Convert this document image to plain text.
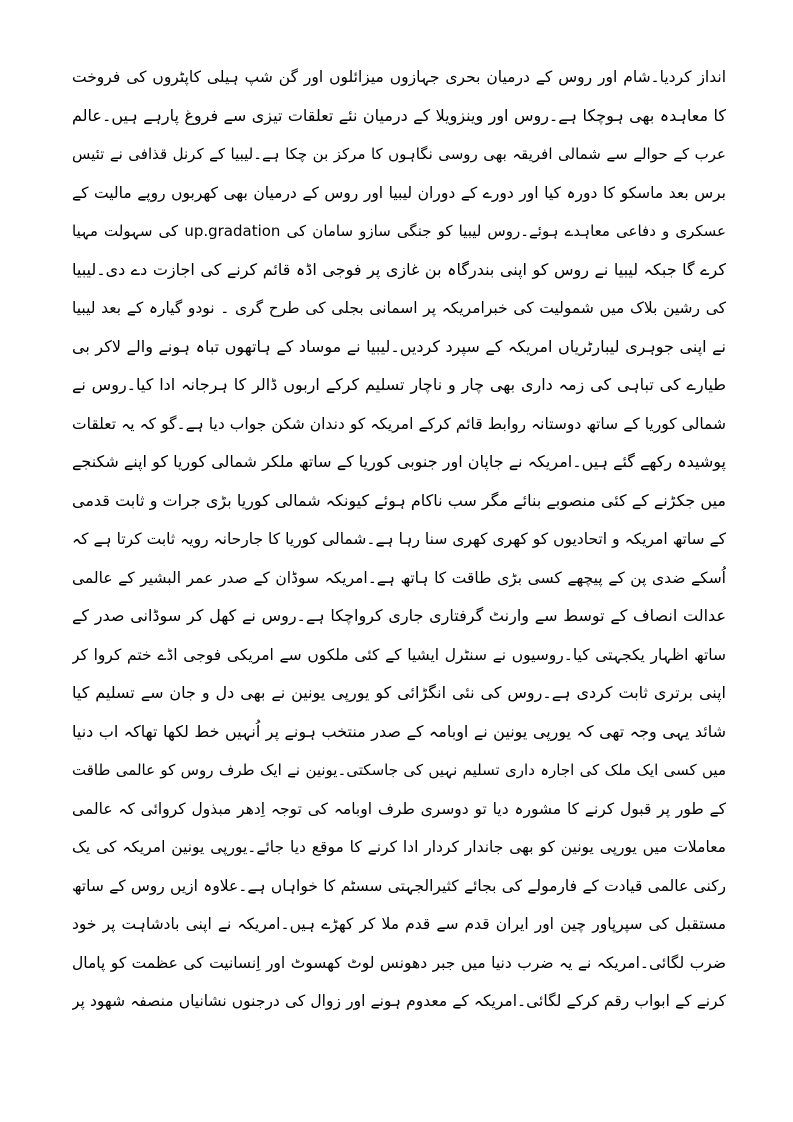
انداز کردیا۔شام اور روس کے درمیان بحری جہازوں میزائلوں اور گن شپ ہیلی کاپٹروں کی فروخت
کا معاہدہ بھی ہوچکا ہے۔روس اور وینزویلا کے درمیان نئے تعلقات تیزی سے فروغ پارہے ہیں۔عالم
عرب کے حوالے سے شمالی افریقہ بھی روسی نگاہوں کا مرکز بن چکا ہے۔لیبیا کے کرنل قذافی نے تئیس
برس بعد ماسکو کا دورہ کیا اور دورے کے دوران لیبیا اور روس کے درمیان بھی کھربوں روپے مالیت کے
عسکری و دفاعی معاہدے ہوئے۔روس لیبیا کو جنگی سازو سامان کی up.gradation کی سہولت مہیا
کرے گا جبکہ لیبیا نے روس کو اپنی بندرگاہ بن غازی پر فوجی اڈہ قائم کرنے کی اجازت دے دی۔لیبیا
کی رشین بلاک میں شمولیت کی خبرامریکہ پر اسمانی بجلی کی طرح گری ۔ نودو گیارہ کے بعد لیبیا
نے اپنی جوہری لیبارٹریاں امریکہ کے سپرد کردیں۔لیبیا نے موساد کے ہاتھوں تباہ ہونے والے لاکر بی
طیارے کی تباہی کی زمہ داری بھی چار و ناچار تسلیم کرکے اربوں ڈالر کا ہرجانہ ادا کیا۔روس نے
شمالی کوریا کے ساتھ دوستانہ روابط قائم کرکے امریکہ کو دندان شکن جواب دیا ہے۔گو کہ یہ تعلقات
پوشیدہ رکھے گئے ہیں۔امریکہ نے جاپان اور جنوبی کوریا کے ساتھ ملکر شمالی کوریا کو اپنے شکنجے
میں جکڑنے کے کئی منصوبے بنائے مگر سب ناکام ہوئے کیونکہ شمالی کوریا بڑی جرات و ثابت قدمی
کے ساتھ امریکہ و اتحادیوں کو کھری کھری سنا رہا ہے۔شمالی کوریا کا جارحانہ رویہ ثابت کرتا ہے کہ
اُسکے ضدی پن کے پیچھے کسی بڑی طاقت کا ہاتھ ہے۔امریکہ سوڈان کے صدر عمر البشیر کے عالمی
عدالت انصاف کے توسط سے وارنٹ گرفتاری جاری کرواچکا ہے۔روس نے کھل کر سوڈانی صدر کے
ساتھ اظہار یکجہتی کیا۔روسیوں نے سنٹرل ایشیا کے کئی ملکوں سے امریکی فوجی اڈے ختم کروا کر
اپنی برتری ثابت کردی ہے۔روس کی نئی انگڑائی کو یورپی یونین نے بھی دل و جان سے تسلیم کیا
شائد یہی وجہ تھی کہ یورپی یونین نے اوبامہ کے صدر منتخب ہونے پر اُنہیں خط لکھا تھاکہ اب دنیا
میں کسی ایک ملک کی اجارہ داری تسلیم نہیں کی جاسکتی۔یونین نے ایک طرف روس کو عالمی طاقت
کے طور پر قبول کرنے کا مشورہ دیا تو دوسری طرف اوبامہ کی توجہ اِدھر مبذول کروائی کہ عالمی
معاملات میں یورپی یونین کو بھی جاندار کردار ادا کرنے کا موقع دیا جائے۔یورپی یونین امریکہ کی یک
رکنی عالمی قیادت کے فارمولے کی بجائے کثیرالجہتی سسٹم کا خواہاں ہے۔علاوہ ازیں روس کے ساتھ
مستقبل کی سپرپاور چین اور ایران قدم سے قدم ملا کر کھڑے ہیں۔امریکہ نے اپنی بادشاہت پر خود
ضرب لگائی۔امریکہ نے یہ ضرب دنیا میں جبر دھونس لوٹ کھسوٹ اور اِنسانیت کی عظمت کو پامال
کرنے کے ابواب رقم کرکے لگائی۔امریکہ کے معدوم ہونے اور زوال کی درجنوں نشانیاں منصفہ شھود پر
